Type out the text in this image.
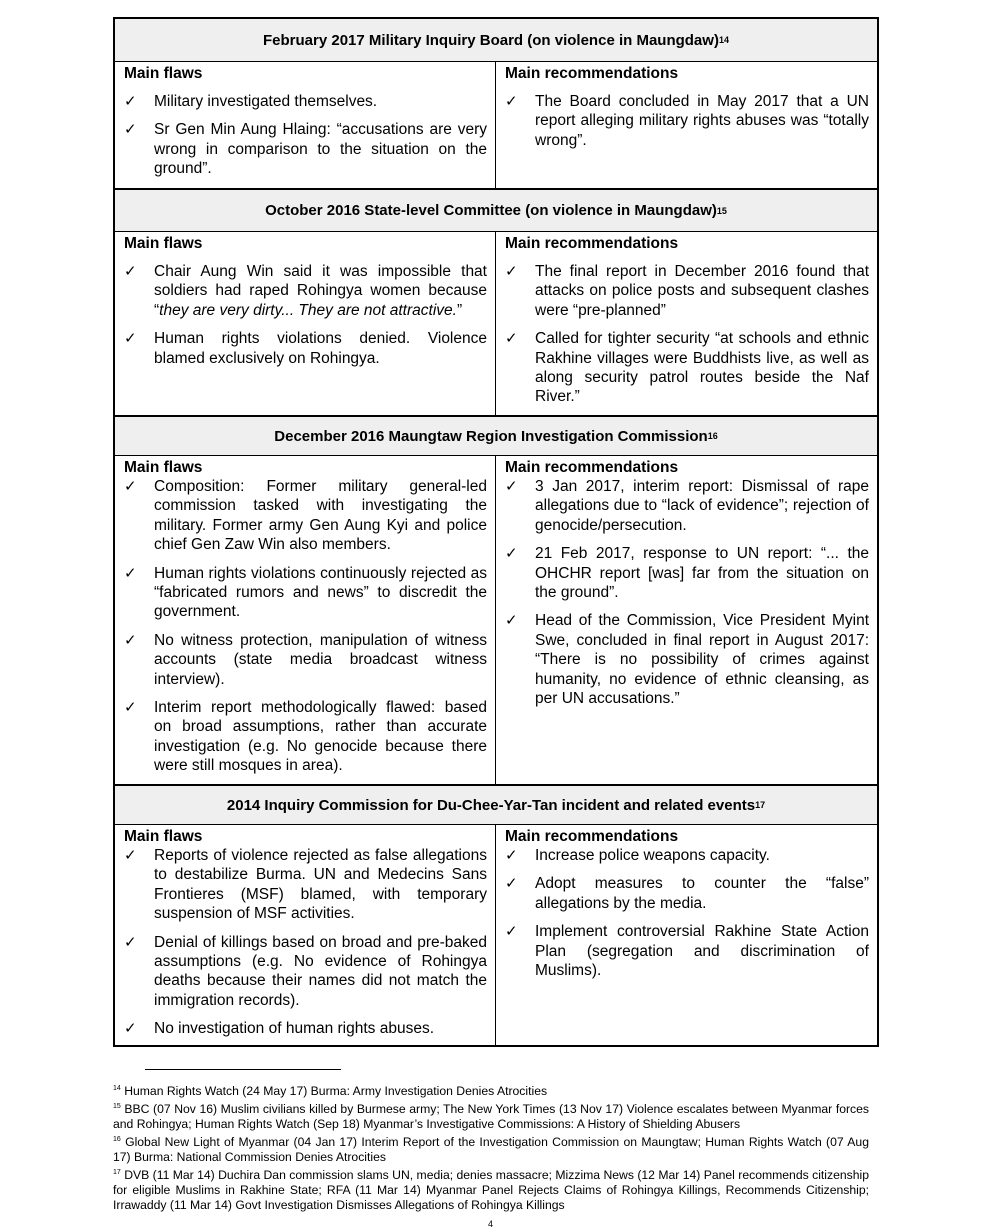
February 2017 Military Inquiry Board (on violence in Maungdaw) 14
Main flaws
✓ Military investigated themselves.
✓ Sr Gen Min Aung Hlaing: “accusations are very wrong in comparison to the situation on the ground”.
Main recommendations
✓ The Board concluded in May 2017 that a UN report alleging military rights abuses was “totally wrong”.
October 2016 State-level Committee (on violence in Maungdaw) 15
Main flaws
✓ Chair Aung Win said it was impossible that soldiers had raped Rohingya women because “they are very dirty... They are not attractive.”
✓ Human rights violations denied. Violence blamed exclusively on Rohingya.
Main recommendations
✓ The final report in December 2016 found that attacks on police posts and subsequent clashes were “pre-planned”
✓ Called for tighter security “at schools and ethnic Rakhine villages were Buddhists live, as well as along security patrol routes beside the Naf River.”
December 2016 Maungtaw Region Investigation Commission 16
Main flaws
✓ Composition: Former military general-led commission tasked with investigating the military. Former army Gen Aung Kyi and police chief Gen Zaw Win also members.
✓ Human rights violations continuously rejected as “fabricated rumors and news” to discredit the government.
✓ No witness protection, manipulation of witness accounts (state media broadcast witness interview).
✓ Interim report methodologically flawed: based on broad assumptions, rather than accurate investigation (e.g. No genocide because there were still mosques in area).
Main recommendations
✓ 3 Jan 2017, interim report: Dismissal of rape allegations due to “lack of evidence”; rejection of genocide/persecution.
✓ 21 Feb 2017, response to UN report: “... the OHCHR report [was] far from the situation on the ground”.
✓ Head of the Commission, Vice President Myint Swe, concluded in final report in August 2017: “There is no possibility of crimes against humanity, no evidence of ethnic cleansing, as per UN accusations.”
2014 Inquiry Commission for Du-Chee-Yar-Tan incident and related events 17
Main flaws
✓ Reports of violence rejected as false allegations to destabilize Burma. UN and Medecins Sans Frontieres (MSF) blamed, with temporary suspension of MSF activities.
✓ Denial of killings based on broad and pre-baked assumptions (e.g. No evidence of Rohingya deaths because their names did not match the immigration records).
✓ No investigation of human rights abuses.
Main recommendations
✓ Increase police weapons capacity.
✓ Adopt measures to counter the “false” allegations by the media.
✓ Implement controversial Rakhine State Action Plan (segregation and discrimination of Muslims).

$^{14}$ Human Rights Watch (24 May 17) Burma: Army Investigation Denies Atrocities

$^{15}$ BBC (07 Nov 16) Muslim civilians killed by Burmese army; The New York Times (13 Nov 17) Violence escalates between Myanmar forces and Rohingya; Human Rights Watch (Sep 18) Myanmar’s Investigative Commissions: A History of Shielding Abusers

$^{16}$ Global New Light of Myanmar (04 Jan 17) Interim Report of the Investigation Commission on Maungtaw; Human Rights Watch (07 Aug 17) Burma: National Commission Denies Atrocities

$^{17}$ DVB (11 Mar 14) Duchira Dan commission slams UN, media; denies massacre; Mizzima News (12 Mar 14) Panel recommends citizenship for eligible Muslims in Rakhine State; RFA (11 Mar 14) Myanmar Panel Rejects Claims of Rohingya Killings, Recommends Citizenship; Irrawaddy (11 Mar 14) Govt Investigation Dismisses Allegations of Rohingya Killings

4
